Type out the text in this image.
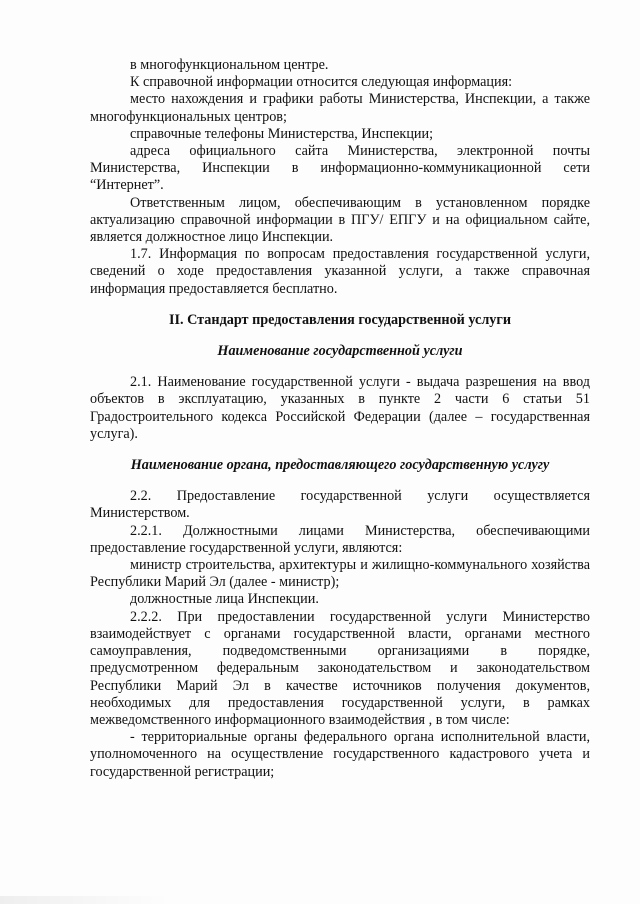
в многофункциональном центре.

К справочной информации относится следующая информация:

место нахождения и графики работы Министерства, Инспекции, а также многофункциональных центров;

справочные телефоны Министерства, Инспекции;

адреса официального сайта Министерства, электронной почты Министерства, Инспекции в информационно-коммуникационной сети “Интернет”.

Ответственным лицом, обеспечивающим в установленном порядке актуализацию справочной информации в ПГУ/ ЕПГУ и на официальном сайте, является должностное лицо Инспекции.

1.7. Информация по вопросам предоставления государственной услуги, сведений о ходе предоставления указанной услуги, а также справочная информация предоставляется бесплатно.

II. Стандарт предоставления государственной услуги
Наименование государственной услуги

2.1. Наименование государственной услуги - выдача разрешения на ввод объектов в эксплуатацию, указанных в пункте 2 части 6 статьи 51 Градостроительного кодекса Российской Федерации (далее – государственная услуга).

Наименование органа, предоставляющего государственную услугу

2.2. Предоставление государственной услуги осуществляется Министерством.

2.2.1. Должностными лицами Министерства, обеспечивающими предоставление государственной услуги, являются:

министр строительства, архитектуры и жилищно-коммунального хозяйства Республики Марий Эл (далее - министр);

должностные лица Инспекции.

2.2.2. При предоставлении государственной услуги Министерство взаимодействует с органами государственной власти, органами местного самоуправления, подведомственными организациями в порядке, предусмотренном федеральным законодательством и законодательством Республики Марий Эл в качестве источников получения документов, необходимых для предоставления государственной услуги, в рамках межведомственного информационного взаимодействия , в том числе:

- территориальные органы федерального органа исполнительной власти, уполномоченного на осуществление государственного кадастрового учета и государственной регистрации;
